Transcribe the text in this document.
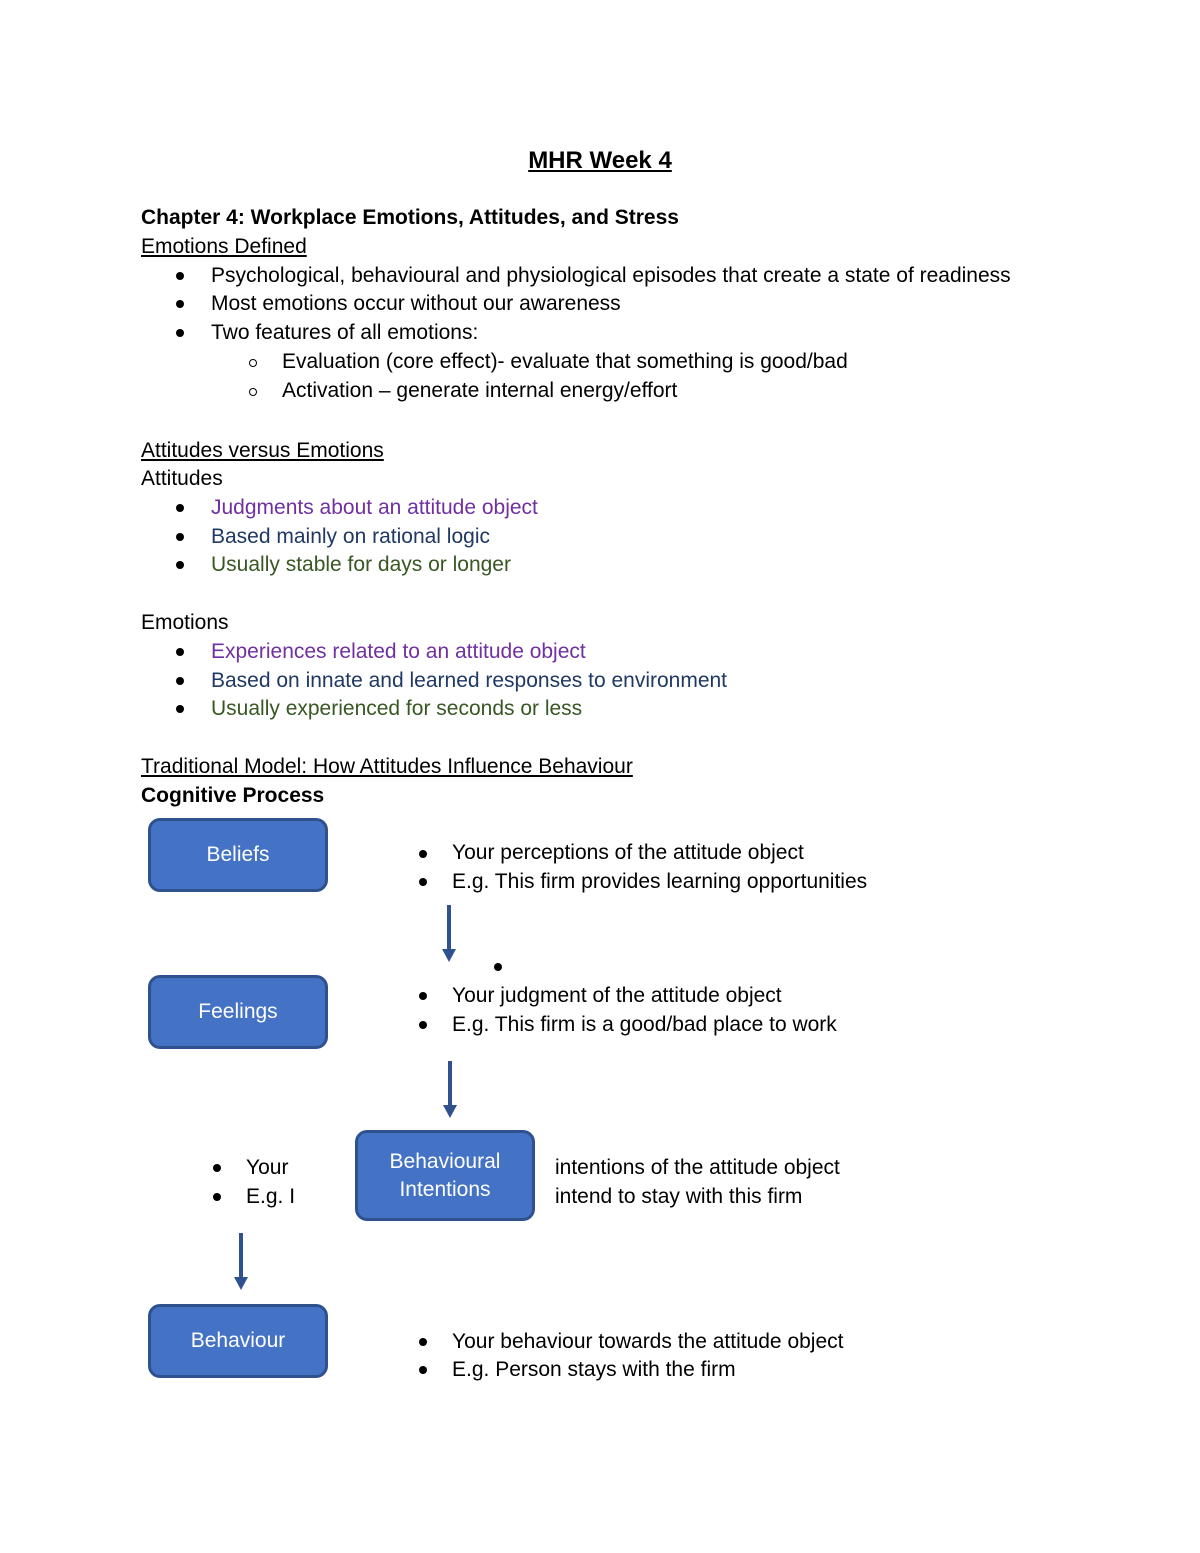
MHR Week 4
Chapter 4: Workplace Emotions, Attitudes, and Stress
Emotions Defined
Psychological, behavioural and physiological episodes that create a state of readiness
Most emotions occur without our awareness
Two features of all emotions:
Evaluation (core effect)- evaluate that something is good/bad
Activation – generate internal energy/effort
Attitudes versus Emotions
Attitudes
Judgments about an attitude object
Based mainly on rational logic
Usually stable for days or longer
Emotions
Experiences related to an attitude object
Based on innate and learned responses to environment
Usually experienced for seconds or less
Traditional Model: How Attitudes Influence Behaviour
Cognitive Process
Beliefs	Your perceptions of the attitude object
E.g. This firm provides learning opportunities
Feelings
Your judgment of the attitude object
E.g. This firm is a good/bad place to work
Your
E.g. I
Behavioural
Intentions
intentions of the attitude object
intend to stay with this firm
Behaviour	Your behaviour towards the attitude object
E.g. Person stays with the firm
